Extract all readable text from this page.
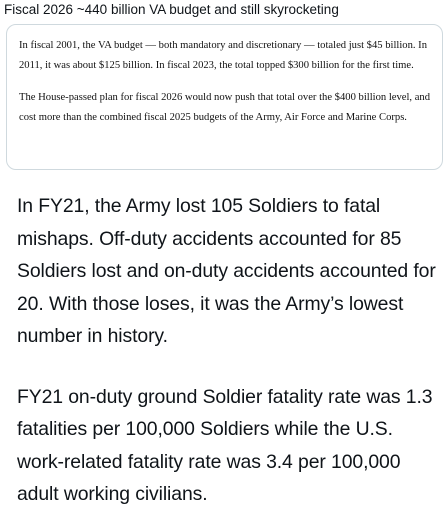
Fiscal 2026 ~440 billion VA budget and still skyrocketing

In fiscal 2001, the VA budget — both mandatory and discretionary — totaled just $45 billion. In 2011, it was about $125 billion. In fiscal 2023, the total topped $300 billion for the first time.

The House-passed plan for fiscal 2026 would now push that total over the $400 billion level, and cost more than the combined fiscal 2025 budgets of the Army, Air Force and Marine Corps.

In FY21, the Army lost 105 Soldiers to fatal mishaps. Off-duty accidents accounted for 85 Soldiers lost and on-duty accidents accounted for 20. With those loses, it was the Army’s lowest number in history.

FY21 on-duty ground Soldier fatality rate was 1.3 fatalities per 100,000 Soldiers while the U.S. work-related fatality rate was 3.4 per 100,000 adult working civilians.
